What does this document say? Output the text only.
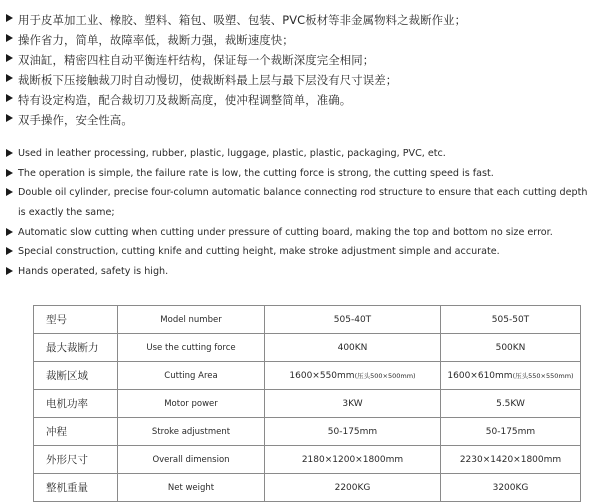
用于皮革加工业、橡胶、塑料、箱包、吸塑、包装、PVC板材等非金属物料之裁断作业；
操作省力，简单，故障率低，裁断力强，裁断速度快；
双油缸，精密四柱自动平衡连杆结构，保证每一个裁断深度完全相同；
裁断板下压接触裁刀时自动慢切，使裁断料最上层与最下层没有尺寸误差；
特有设定构造，配合裁切刀及裁断高度，使冲程调整简单，准确。
双手操作，安全性高。
Used in leather processing, rubber, plastic, luggage, plastic, plastic, packaging, PVC, etc.
The operation is simple, the failure rate is low, the cutting force is strong, the cutting speed is fast.
Double oil cylinder, precise four-column automatic balance connecting rod structure to ensure that each cutting depth
is exactly the same;
Automatic slow cutting when cutting under pressure of cutting board, making the top and bottom no size error.
Special construction, cutting knife and cutting height, make stroke adjustment simple and accurate.
Hands operated, safety is high.
型号	Model number	505-40T	505-50T
最大裁断力	Use the cutting force	400KN	500KN
裁断区域	Cutting Area	1600×550mm(压头500×500mm)	1600×610mm(压头550×550mm)
电机功率	Motor power	3KW	5.5KW
冲程	Stroke adjustment	50-175mm	50-175mm
外形尺寸	Overall dimension	2180×1200×1800mm	2230×1420×1800mm
整机重量	Net weight	2200KG	3200KG
